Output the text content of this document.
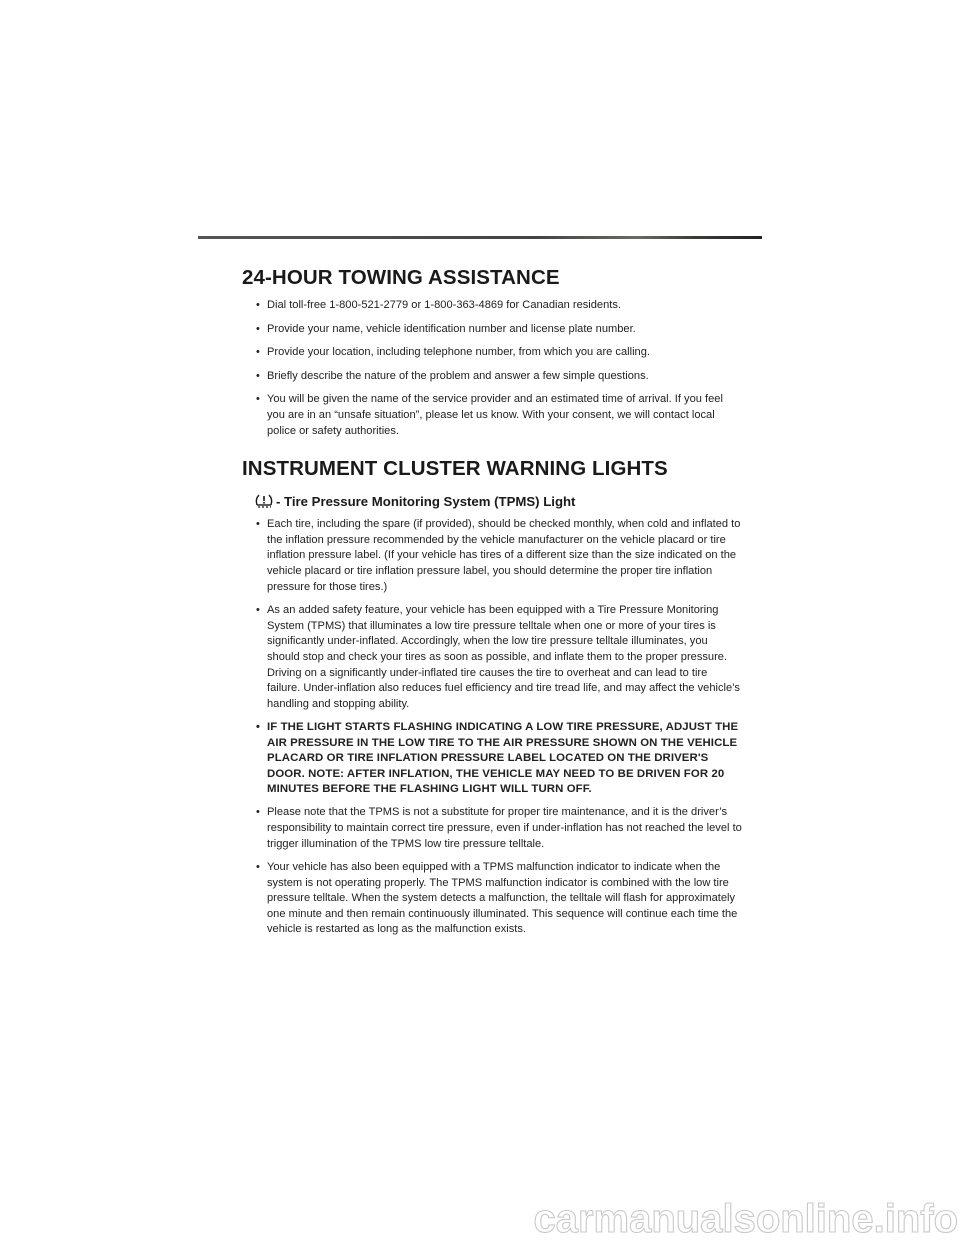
24-HOUR TOWING ASSISTANCE
• Dial toll-free 1-800-521-2779 or 1-800-363-4869 for Canadian residents.
• Provide your name, vehicle identification number and license plate number.
• Provide your location, including telephone number, from which you are calling.
• Briefly describe the nature of the problem and answer a few simple questions.
• You will be given the name of the service provider and an estimated time of arrival. If you feel you are in an “unsafe situation”, please let us know. With your consent, we will contact local police or safety authorities.
INSTRUMENT CLUSTER WARNING LIGHTS
- Tire Pressure Monitoring System (TPMS) Light
• Each tire, including the spare (if provided), should be checked monthly, when cold and inflated to the inflation pressure recommended by the vehicle manufacturer on the vehicle placard or tire inflation pressure label. (If your vehicle has tires of a different size than the size indicated on the vehicle placard or tire inflation pressure label, you should determine the proper tire inflation pressure for those tires.)
• As an added safety feature, your vehicle has been equipped with a Tire Pressure Monitoring System (TPMS) that illuminates a low tire pressure telltale when one or more of your tires is significantly under-inflated. Accordingly, when the low tire pressure telltale illuminates, you should stop and check your tires as soon as possible, and inflate them to the proper pressure. Driving on a significantly under-inflated tire causes the tire to overheat and can lead to tire failure. Under-inflation also reduces fuel efficiency and tire tread life, and may affect the vehicle’s handling and stopping ability.
• IF THE LIGHT STARTS FLASHING INDICATING A LOW TIRE PRESSURE, ADJUST THE AIR PRESSURE IN THE LOW TIRE TO THE AIR PRESSURE SHOWN ON THE VEHICLE PLACARD OR TIRE INFLATION PRESSURE LABEL LOCATED ON THE DRIVER'S DOOR. NOTE: AFTER INFLATION, THE VEHICLE MAY NEED TO BE DRIVEN FOR 20 MINUTES BEFORE THE FLASHING LIGHT WILL TURN OFF.
• Please note that the TPMS is not a substitute for proper tire maintenance, and it is the driver’s responsibility to maintain correct tire pressure, even if under-inflation has not reached the level to trigger illumination of the TPMS low tire pressure telltale.
• Your vehicle has also been equipped with a TPMS malfunction indicator to indicate when the system is not operating properly. The TPMS malfunction indicator is combined with the low tire pressure telltale. When the system detects a malfunction, the telltale will flash for approximately one minute and then remain continuously illuminated. This sequence will continue each time the vehicle is restarted as long as the malfunction exists.
carmanualsonline.info
